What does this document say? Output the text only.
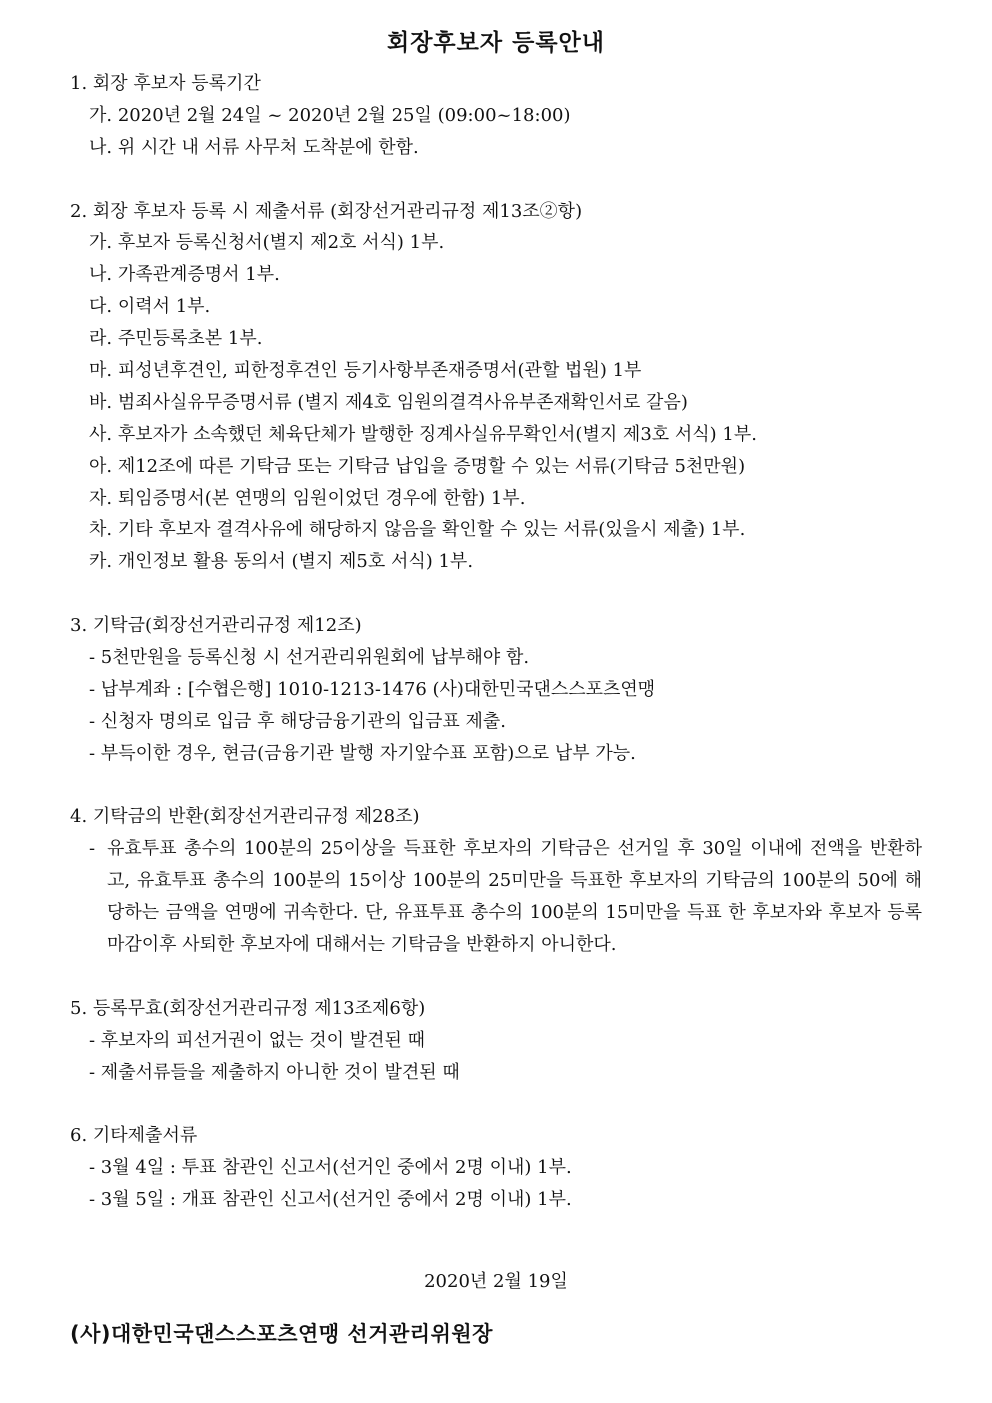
회장후보자 등록안내
1. 회장 후보자 등록기간
가. 2020년 2월 24일 ~ 2020년 2월 25일 (09:00~18:00)
나. 위 시간 내 서류 사무처 도착분에 한함.
2. 회장 후보자 등록 시 제출서류 (회장선거관리규정 제13조②항)
가. 후보자 등록신청서(별지 제2호 서식) 1부.
나. 가족관계증명서 1부.
다. 이력서 1부.
라. 주민등록초본 1부.
마. 피성년후견인, 피한정후견인 등기사항부존재증명서(관할 법원) 1부
바. 범죄사실유무증명서류 (별지 제4호 임원의결격사유부존재확인서로 갈음)
사. 후보자가 소속했던 체육단체가 발행한 징계사실유무확인서(별지 제3호 서식) 1부.
아. 제12조에 따른 기탁금 또는 기탁금 납입을 증명할 수 있는 서류(기탁금 5천만원)
자. 퇴임증명서(본 연맹의 임원이었던 경우에 한함) 1부.
차. 기타 후보자 결격사유에 해당하지 않음을 확인할 수 있는 서류(있을시 제출) 1부.
카. 개인정보 활용 동의서 (별지 제5호 서식) 1부.
3. 기탁금(회장선거관리규정 제12조)
- 5천만원을 등록신청 시 선거관리위원회에 납부해야 함.
- 납부계좌 : [수협은행] 1010-1213-1476 (사)대한민국댄스스포츠연맹
- 신청자 명의로 입금 후 해당금융기관의 입금표 제출.
- 부득이한 경우, 현금(금융기관 발행 자기앞수표 포함)으로 납부 가능.
4. 기탁금의 반환(회장선거관리규정 제28조)
- 유효투표 총수의 100분의 25이상을 득표한 후보자의 기탁금은 선거일 후 30일 이내에 전액을 반환하고, 유효투표 총수의 100분의 15이상 100분의 25미만을 득표한 후보자의 기탁금의 100분의 50에 해당하는 금액을 연맹에 귀속한다. 단, 유표투표 총수의 100분의 15미만을 득표 한 후보자와 후보자 등록 마감이후 사퇴한 후보자에 대해서는 기탁금을 반환하지 아니한다.
5. 등록무효(회장선거관리규정 제13조제6항)
- 후보자의 피선거권이 없는 것이 발견된 때
- 제출서류들을 제출하지 아니한 것이 발견된 때
6. 기타제출서류
- 3월 4일 : 투표 참관인 신고서(선거인 중에서 2명 이내) 1부.
- 3월 5일 : 개표 참관인 신고서(선거인 중에서 2명 이내) 1부.
2020년 2월 19일
(사)대한민국댄스스포츠연맹 선거관리위원장
